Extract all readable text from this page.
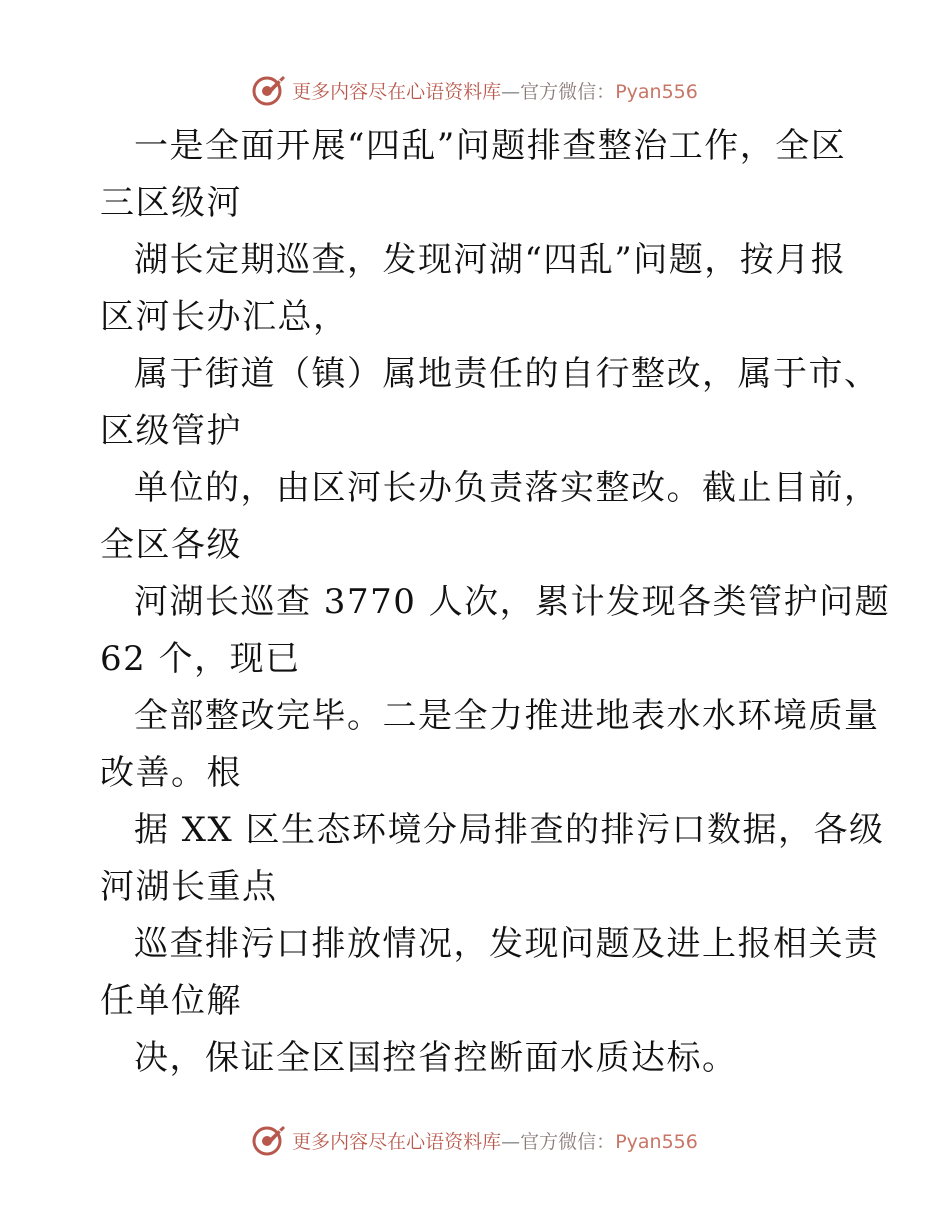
更多内容尽在心语资料库—官方微信：Pyan556

一是全面开展“四乱”问题排查整治工作，全区

三区级河

湖长定期巡查，发现河湖“四乱”问题，按月报

区河长办汇总，

属于街道（镇）属地责任的自行整改，属于市、

区级管护

单位的，由区河长办负责落实整改。截止目前，

全区各级

河湖长巡查 3770 人次，累计发现各类管护问题

62 个，现已

全部整改完毕。二是全力推进地表水水环境质量

改善。根

据 XX 区生态环境分局排查的排污口数据，各级

河湖长重点

巡查排污口排放情况，发现问题及进上报相关责

任单位解

决，保证全区国控省控断面水质达标。

更多内容尽在心语资料库—官方微信：Pyan556
